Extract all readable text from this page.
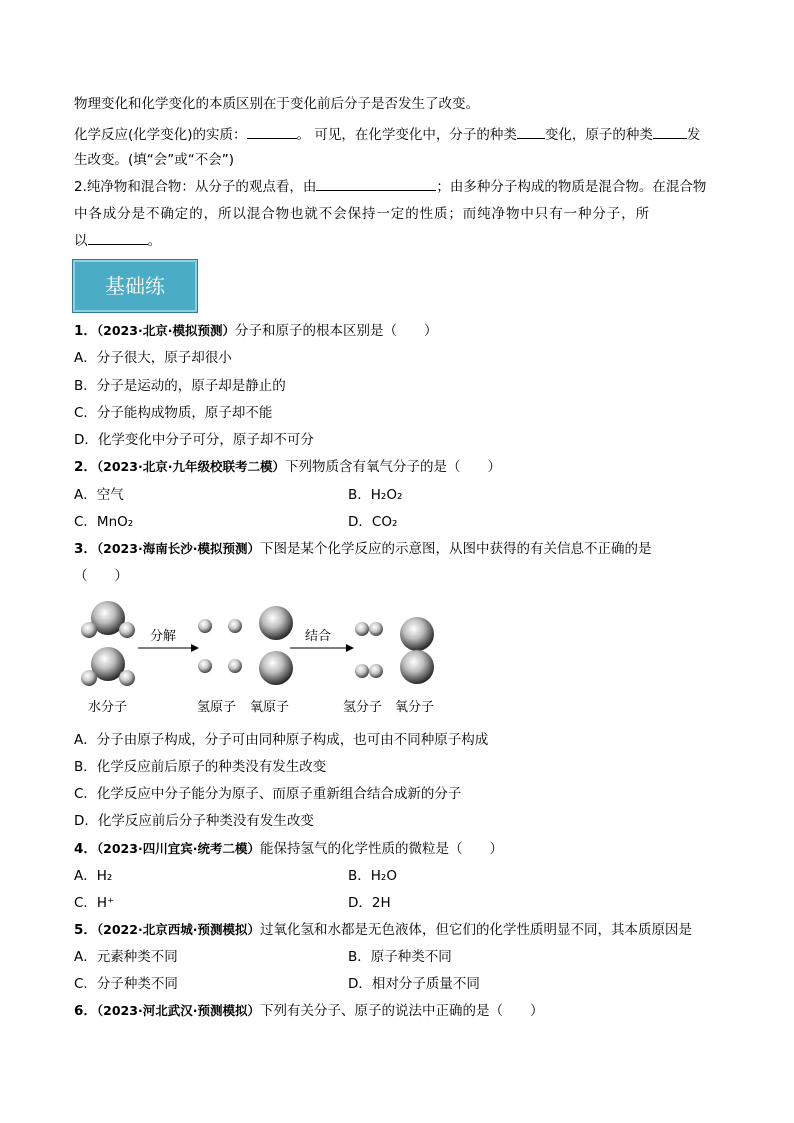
物理变化和化学变化的本质区别在于变化前后分子是否发生了改变。
化学反应(化学变化)的实质：	。 可见，在化学变化中，分子的种类 变化，原子的种类	发
生改变。(填“会”或“不会”)
2.纯净物和混合物：从分子的观点看，由	；由多种分子构成的物质是混合物。在混合物
中各成分是不确定的，所以混合物也就不会保持一定的性质；而纯净物中只有一种分子，所
以	。
基础练
1．（2023·北京·模拟预测）分子和原子的根本区别是（　　）
A．分子很大，原子却很小
B．分子是运动的，原子却是静止的
C．分子能构成物质，原子却不能
D．化学变化中分子可分，原子却不可分
2．（2023·北京·九年级校联考二模）下列物质含有氧气分子的是（　　）
A．空气	B．H₂O₂
C．MnO₂	D．CO₂
3．（2023·海南长沙·模拟预测）下图是某个化学反应的示意图，从图中获得的有关信息不正确的是
（　　）
分解	结合
水分子	氢原子 氧原子	氢分子 氧分子
A．分子由原子构成，分子可由同种原子构成，也可由不同种原子构成
B．化学反应前后原子的种类没有发生改变
C．化学反应中分子能分为原子、而原子重新组合结合成新的分子
D．化学反应前后分子种类没有发生改变
4．（2023·四川宜宾·统考二模）能保持氢气的化学性质的微粒是（　　）
A．H₂	B．H₂O
C．H⁺	D．2H
5．（2022·北京西城·预测模拟）过氧化氢和水都是无色液体，但它们的化学性质明显不同，其本质原因是
A．元素种类不同	B．原子种类不同
C．分子种类不同	D．相对分子质量不同
6．（2023·河北武汉·预测模拟）下列有关分子、原子的说法中正确的是（　　）
